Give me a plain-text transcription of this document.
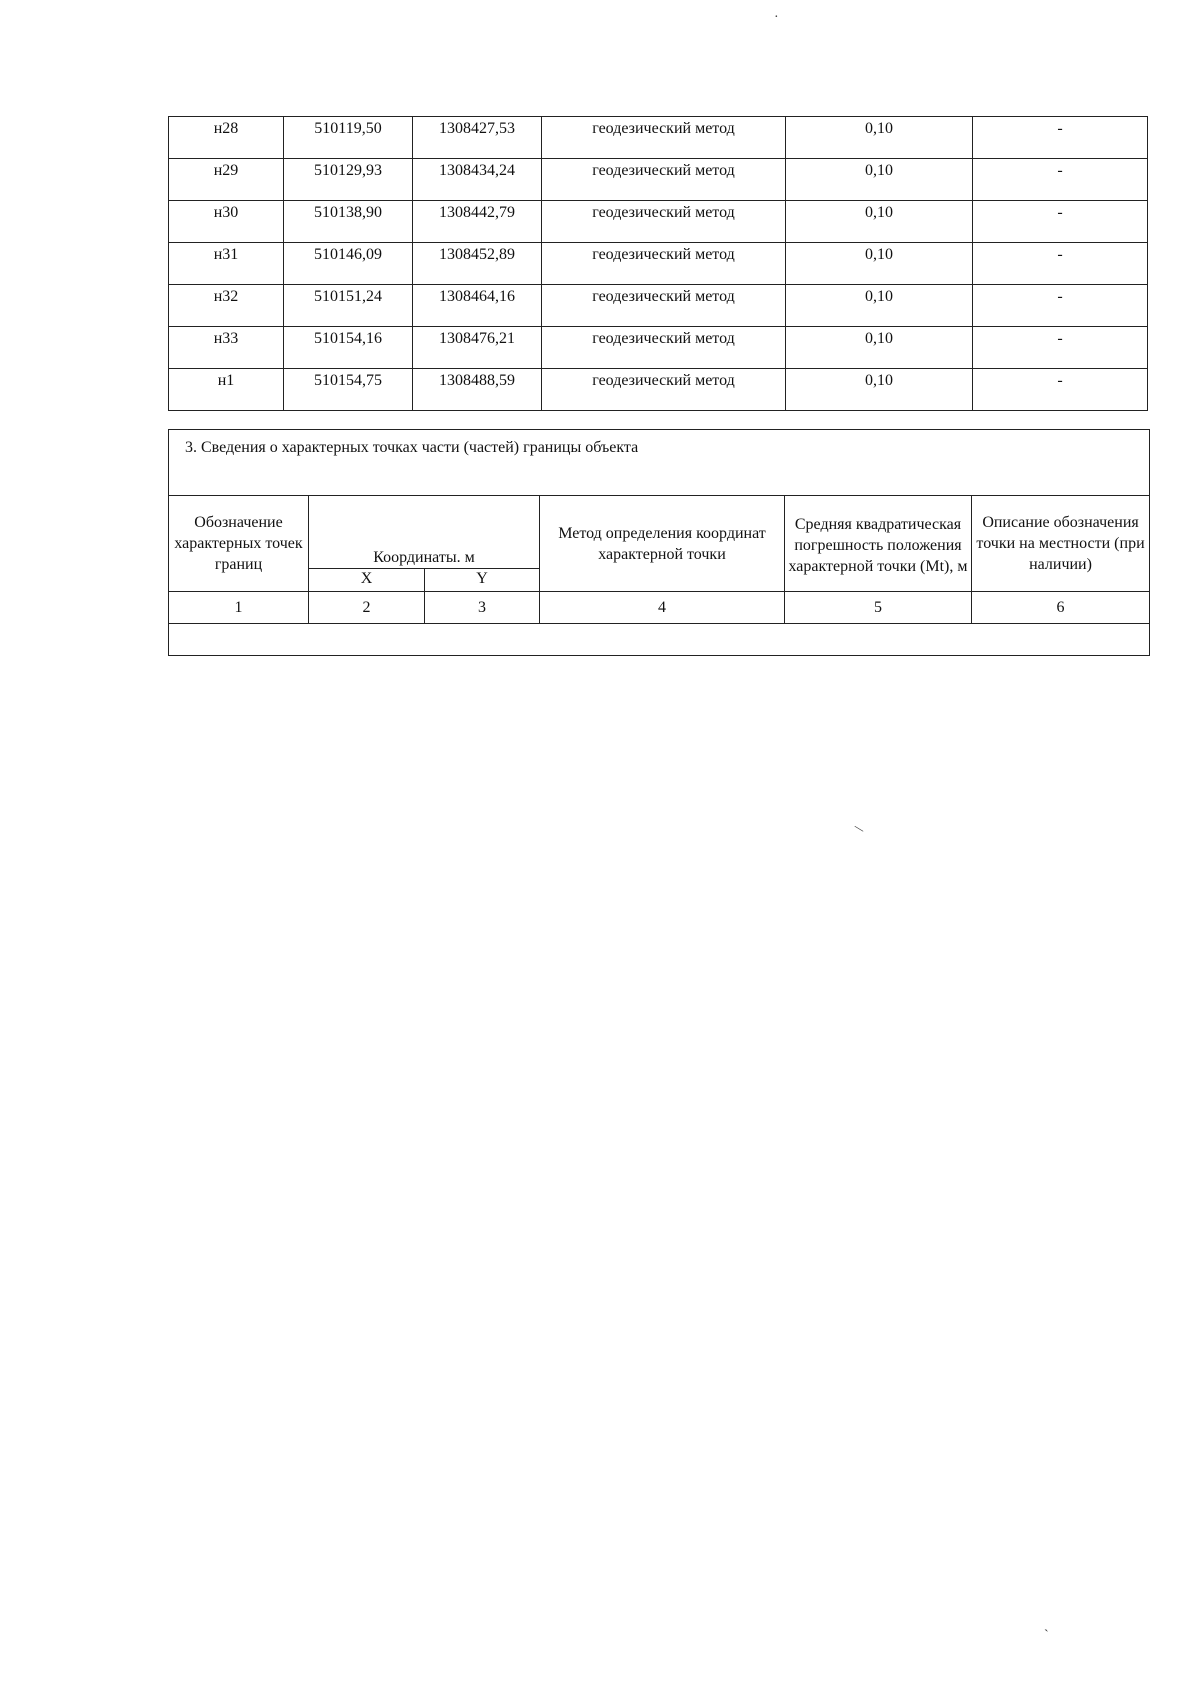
н28	510119,50	1308427,53	геодезический метод	0,10	-
н29	510129,93	1308434,24	геодезический метод	0,10	-
н30	510138,90	1308442,79	геодезический метод	0,10	-
н31	510146,09	1308452,89	геодезический метод	0,10	-
н32	510151,24	1308464,16	геодезический метод	0,10	-
н33	510154,16	1308476,21	геодезический метод	0,10	-
н1	510154,75	1308488,59	геодезический метод	0,10	-
3. Сведения о характерных точках части (частей) границы объекта					
Обозначение характерных точек границ	Координаты. м		Метод определения координат характерной точки	Средняя квадратическая погрешность положения характерной точки (Mt), м	Описание обозначения точки на местности (при наличии)
	X	Y			
1	2	3	4	5	6

·
\
ˋ
